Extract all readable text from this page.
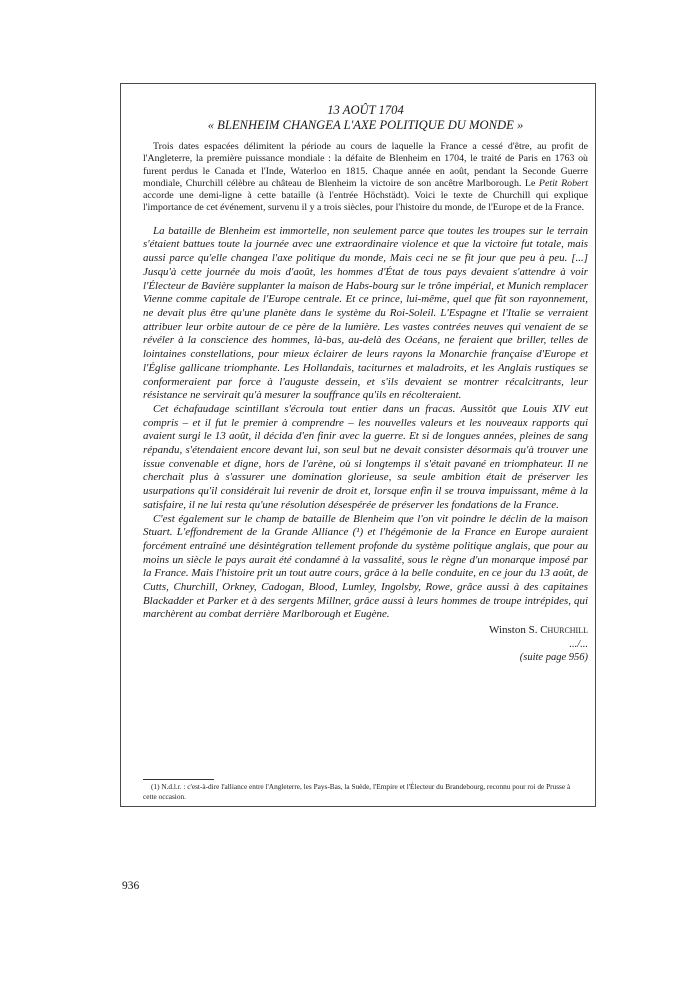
13 AOÛT 1704
« BLENHEIM CHANGEA L'AXE POLITIQUE DU MONDE »

Trois dates espacées délimitent la période au cours de laquelle la France a cessé d'être, au profit de l'Angleterre, la première puissance mondiale : la défaite de Blenheim en 1704, le traité de Paris en 1763 où furent perdus le Canada et l'Inde, Waterloo en 1815. Chaque année en août, pendant la Seconde Guerre mondiale, Churchill célèbre au château de Blenheim la victoire de son ancêtre Marlborough. Le Petit Robert accorde une demi-ligne à cette bataille (à l'entrée Höchstädt). Voici le texte de Churchill qui explique l'importance de cet événement, survenu il y a trois siècles, pour l'histoire du monde, de l'Europe et de la France.

La bataille de Blenheim est immortelle, non seulement parce que toutes les troupes sur le terrain s'étaient battues toute la journée avec une extraordinaire violence et que la victoire fut totale, mais aussi parce qu'elle changea l'axe politique du monde, Mais ceci ne se fit jour que peu à peu. [...] Jusqu'à cette journée du mois d'août, les hommes d'État de tous pays devaient s'attendre à voir l'Électeur de Bavière supplanter la maison de Habs-bourg sur le trône impérial, et Munich remplacer Vienne comme capitale de l'Europe centrale. Et ce prince, lui-même, quel que fût son rayonnement, ne devait plus être qu'une planète dans le système du Roi-Soleil. L'Espagne et l'Italie se verraient attribuer leur orbite autour de ce père de la lumière. Les vastes contrées neuves qui venaient de se révéler à la conscience des hommes, là-bas, au-delà des Océans, ne feraient que briller, telles de lointaines constellations, pour mieux éclairer de leurs rayons la Monarchie française d'Europe et l'Église gallicane triomphante. Les Hollandais, taciturnes et maladroits, et les Anglais rustiques se conformeraient par force à l'auguste dessein, et s'ils devaient se montrer récalcitrants, leur résistance ne servirait qu'à mesurer la souffrance qu'ils en récolteraient.

Cet échafaudage scintillant s'écroula tout entier dans un fracas. Aussitôt que Louis XIV eut compris – et il fut le premier à comprendre – les nouvelles valeurs et les nouveaux rapports qui avaient surgi le 13 août, il décida d'en finir avec la guerre. Et si de longues années, pleines de sang répandu, s'étendaient encore devant lui, son seul but ne devait consister désormais qu'à trouver une issue convenable et digne, hors de l'arène, où si longtemps il s'était pavané en triomphateur. Il ne cherchait plus à s'assurer une domination glorieuse, sa seule ambition était de préserver les usurpations qu'il considérait lui revenir de droit et, lorsque enfin il se trouva impuissant, même à la satisfaire, il ne lui resta qu'une résolution désespérée de préserver les fondations de la France.

C'est également sur le champ de bataille de Blenheim que l'on vit poindre le déclin de la maison Stuart. L'effondrement de la Grande Alliance (¹) et l'hégémonie de la France en Europe auraient forcément entraîné une désintégration tellement profonde du système politique anglais, que pour au moins un siècle le pays aurait été condamné à la vassalité, sous le règne d'un monarque imposé par la France. Mais l'histoire prit un tout autre cours, grâce à la belle conduite, en ce jour du 13 août, de Cutts, Churchill, Orkney, Cadogan, Blood, Lumley, Ingolsby, Rowe, grâce aussi à des capitaines Blackadder et Parker et à des sergents Millner, grâce aussi à leurs hommes de troupe intrépides, qui marchèrent au combat derrière Marlborough et Eugène.

Winston S. Churchill
.../...
(suite page 956)
(1) N.d.l.r. : c'est-à-dire l'alliance entre l'Angleterre, les Pays-Bas, la Suède, l'Empire et l'Électeur du Brandebourg, reconnu pour roi de Prusse à cette occasion.
936
